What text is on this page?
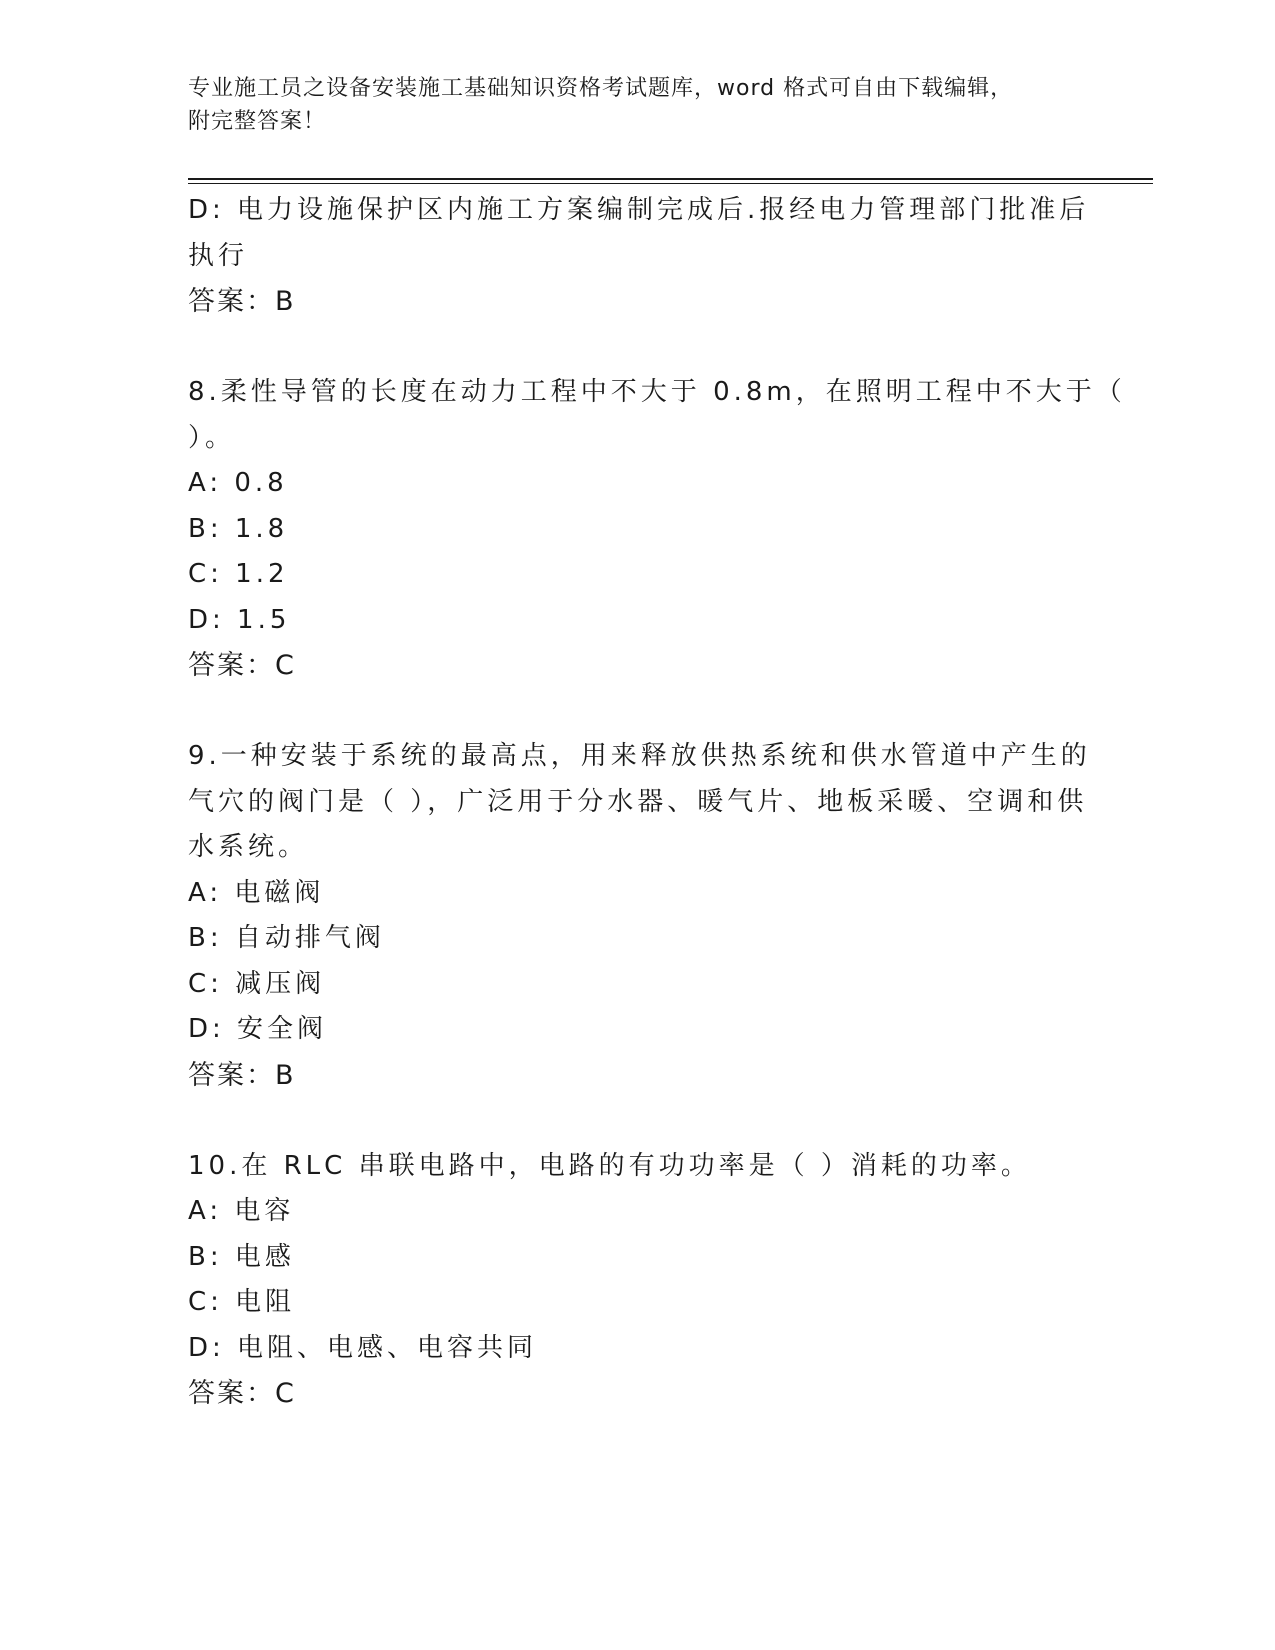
专业施工员之设备安装施工基础知识资格考试题库，word 格式可自由下载编辑，
附完整答案！
D: 电力设施保护区内施工方案编制完成后.报经电力管理部门批准后
执行
答案：B
8.柔性导管的长度在动力工程中不大于 0.8m，在照明工程中不大于（
）。
A: 0.8
B: 1.8
C: 1.2
D: 1.5
答案：C
9.一种安装于系统的最高点，用来释放供热系统和供水管道中产生的
气穴的阀门是（ ），广泛用于分水器、暖气片、地板采暖、空调和供
水系统。
A: 电磁阀
B: 自动排气阀
C: 减压阀
D: 安全阀
答案：B
10.在 RLC 串联电路中，电路的有功功率是（ ）消耗的功率。
A: 电容
B: 电感
C: 电阻
D: 电阻、电感、电容共同
答案：C
